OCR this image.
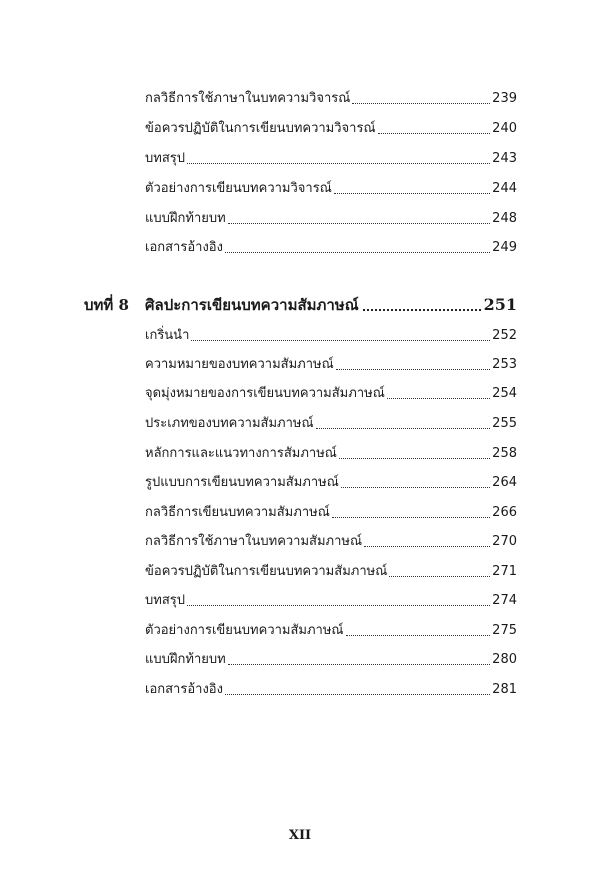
กลวิธีการใช้ภาษาในบทความวิจารณ์	239
ข้อควรปฏิบัติในการเขียนบทความวิจารณ์	240
บทสรุป	243
ตัวอย่างการเขียนบทความวิจารณ์	244
แบบฝึกท้ายบท	248
เอกสารอ้างอิง	249
บทที่ 8	ศิลปะการเขียนบทความสัมภาษณ์	251
เกริ่นนำ	252
ความหมายของบทความสัมภาษณ์	253
จุดมุ่งหมายของการเขียนบทความสัมภาษณ์	254
ประเภทของบทความสัมภาษณ์	255
หลักการและแนวทางการสัมภาษณ์	258
รูปแบบการเขียนบทความสัมภาษณ์	264
กลวิธีการเขียนบทความสัมภาษณ์	266
กลวิธีการใช้ภาษาในบทความสัมภาษณ์	270
ข้อควรปฏิบัติในการเขียนบทความสัมภาษณ์	271
บทสรุป	274
ตัวอย่างการเขียนบทความสัมภาษณ์	275
แบบฝึกท้ายบท	280
เอกสารอ้างอิง	281
XII
